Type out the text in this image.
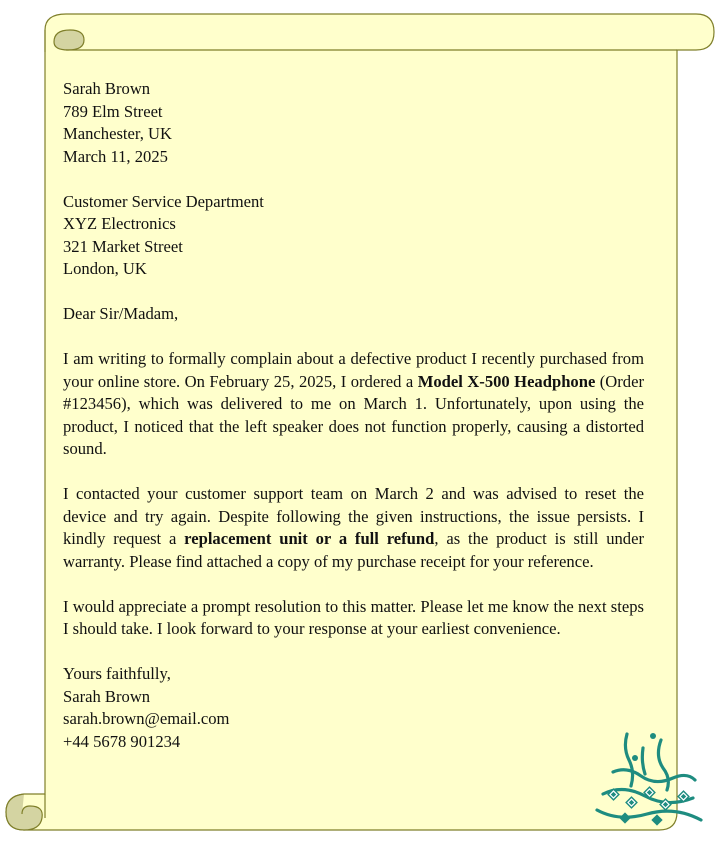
Sarah Brown
789 Elm Street
Manchester, UK
March 11, 2025
Customer Service Department
XYZ Electronics
321 Market Street
London, UK
Dear Sir/Madam,

I am writing to formally complain about a defective product I recently purchased from your online store. On February 25, 2025, I ordered a Model X-500 Headphone (Order #123456), which was delivered to me on March 1. Unfortunately, upon using the product, I noticed that the left speaker does not function properly, causing a distorted sound.

I contacted your customer support team on March 2 and was advised to reset the device and try again. Despite following the given instructions, the issue persists. I kindly request a replacement unit or a full refund, as the product is still under warranty. Please find attached a copy of my purchase receipt for your reference.

I would appreciate a prompt resolution to this matter. Please let me know the next steps I should take. I look forward to your response at your earliest convenience.

Yours faithfully,
Sarah Brown
sarah.brown@email.com
+44 5678 901234
